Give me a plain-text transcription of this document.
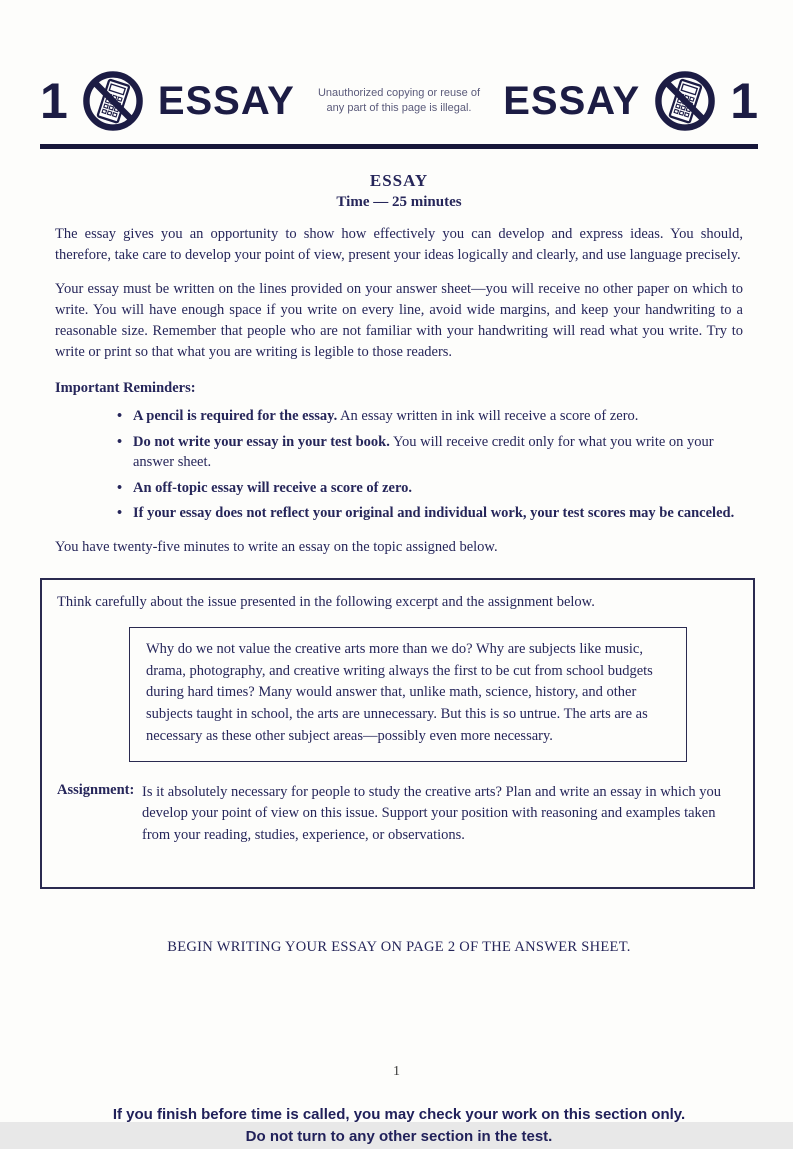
1 ESSAY	Unauthorized copying or reuse of
any part of this page is illegal. ESSAY 1
ESSAY
Time — 25 minutes

The essay gives you an opportunity to show how effectively you can develop and express ideas. You should, therefore, take care to develop your point of view, present your ideas logically and clearly, and use language precisely.

Your essay must be written on the lines provided on your answer sheet—you will receive no other paper on which to write. You will have enough space if you write on every line, avoid wide margins, and keep your handwriting to a reasonable size. Remember that people who are not familiar with your handwriting will read what you write. Try to write or print so that what you are writing is legible to those readers.

Important Reminders:
• A pencil is required for the essay. An essay written in ink will receive a score of zero.
• Do not write your essay in your test book. You will receive credit only for what you write on your answer sheet.
• An off-topic essay will receive a score of zero.
• If your essay does not reflect your original and individual work, your test scores may be canceled.

You have twenty-five minutes to write an essay on the topic assigned below.

Think carefully about the issue presented in the following excerpt and the assignment below.
Why do we not value the creative arts more than we do? Why are subjects like music, drama, photography, and creative writing always the first to be cut from school budgets during hard times? Many would answer that, unlike math, science, history, and other subjects taught in school, the arts are unnecessary. But this is so untrue. The arts are as necessary as these other subject areas—possibly even more necessary.
Assignment: Is it absolutely necessary for people to study the creative arts? Plan and write an essay in which you develop your point of view on this issue. Support your position with reasoning and examples taken from your reading, studies, experience, or observations.
BEGIN WRITING YOUR ESSAY ON PAGE 2 OF THE ANSWER SHEET.
If you finish before time is called, you may check your work on this section only.
Do not turn to any other section in the test.
1
